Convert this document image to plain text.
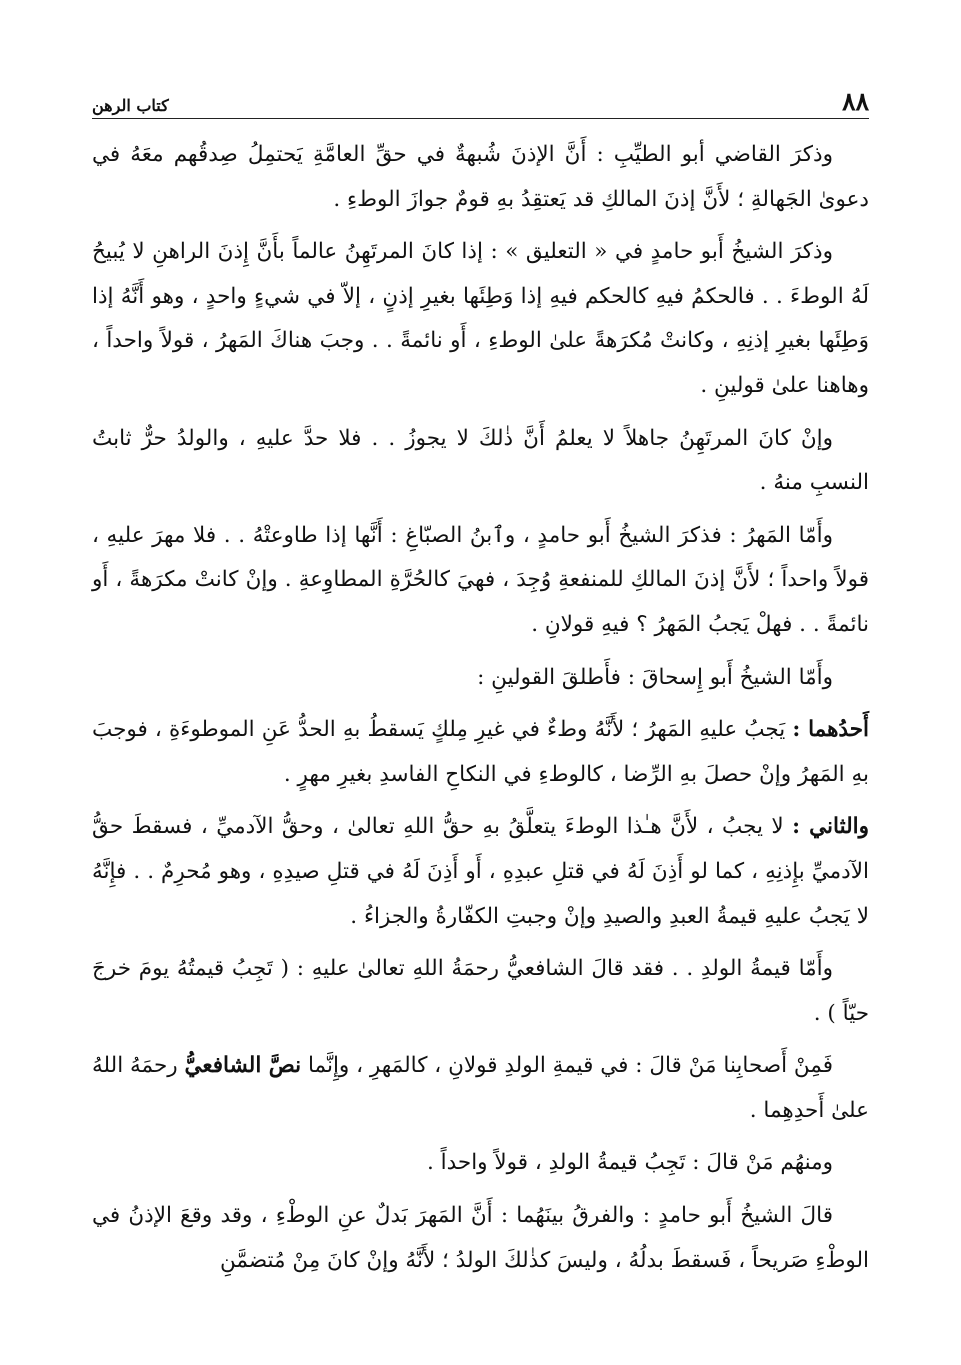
٨٨
كتاب الرهن

وذكرَ القاضي أبو الطيِّبِ : أَنَّ الإذنَ شُبهةٌ في حقِّ العامَّةِ يَحتمِلُ صِدقُهم معَهُ في دعوىٰ الجَهالةِ ؛ لأَنَّ إذنَ المالكِ قد يَعتقِدُ بهِ قومٌ جوازَ الوطءِ .

وذكرَ الشيخُ أَبو حامدٍ في « التعليق » : إذا كانَ المرتَهِنُ عالماً بأَنَّ إِذنَ الراهنِ لا يُبيحُ لَهُ الوطءَ . . فالحكمُ فيهِ كالحكم فيهِ إذا وَطِئَها بغيرِ إذنٍ ، إلاّ في شيءٍ واحدٍ ، وهو أَنَّهُ إذا وَطِئَها بغيرِ إذنِهِ ، وكانتْ مُكرَهةً علىٰ الوطءِ ، أَو نائمةً . . وجبَ هناكَ المَهرُ ، قولاً واحداً ، وهاهنا علىٰ قولينِ .

وإنْ كانَ المرتَهِنُ جاهلاً لا يعلمُ أَنَّ ذٰلكَ لا يجوزُ . . فلا حدَّ عليهِ ، والولدُ حرٌّ ثابتُ النسبِ منهُ .

وأَمّا المَهرُ : فذكرَ الشيخُ أَبو حامدٍ ، وٱبنُ الصبّاغِ : أَنَّها إذا طاوعتْهُ . . فلا مهرَ عليهِ ، قولاً واحداً ؛ لأَنَّ إذنَ المالكِ للمنفعةِ وُجِدَ ، فهيَ كالحُرَّةِ المطاوِعةِ . وإنْ كانتْ مكرَهةً ، أَو نائمةً . . فهلْ يَجبُ المَهرُ ؟ فيهِ قولانِ .

وأَمّا الشيخُ أَبو إِسحاقَ : فأَطلقَ القولينِ :

أَحدُهما : يَجبُ عليهِ المَهرُ ؛ لأَنَّهُ وطءٌ في غيرِ مِلكٍ يَسقطُ بهِ الحدُّ عَنِ الموطوءَةِ ، فوجبَ بهِ المَهرُ وإنْ حصلَ بهِ الرِّضا ، كالوطءِ في النكاحِ الفاسدِ بغيرِ مهرٍ .

والثاني : لا يجبُ ، لأَنَّ هـٰذا الوطءَ يتعلَّقُ بهِ حقُّ اللهِ تعالىٰ ، وحقُّ الآدميِّ ، فسقطَ حقُّ الآدميِّ بإِذنِهِ ، كما لو أَذِنَ لَهُ في قتلِ عبدِهِ ، أَو أَذِنَ لَهُ في قتلِ صيدِهِ ، وهو مُحرِمٌ . . فإِنَّهُ لا يَجبُ عليهِ قيمةُ العبدِ والصيدِ وإنْ وجبتِ الكفّارةُ والجزاءُ .

وأَمّا قيمةُ الولدِ . . فقد قالَ الشافعيُّ رحمَةُ اللهِ تعالىٰ عليهِ : ( تَجِبُ قيمتُهُ يومَ خرجَ حيّاً ) .

فَمِنْ أَصحابِنا مَنْ قالَ : في قيمةِ الولدِ قولانِ ، كالمَهرِ ، وإِنَّما نصَّ الشافعيُّ رحمَهُ اللهُ علىٰ أَحدِهِما .

ومنهُم مَنْ قالَ : تَجِبُ قيمةُ الولدِ ، قولاً واحداً .

قالَ الشيخُ أَبو حامدٍ : والفرقُ بينَهُما : أَنَّ المَهرَ بَدلٌ عنِ الوطْءِ ، وقد وقعَ الإذنُ في الوطْءِ صَريحاً ، فَسقطَ بدلُهُ ، وليسَ كذٰلكَ الولدُ ؛ لأَنَّهُ وإنْ كانَ مِنْ مُتضمَّنِ
